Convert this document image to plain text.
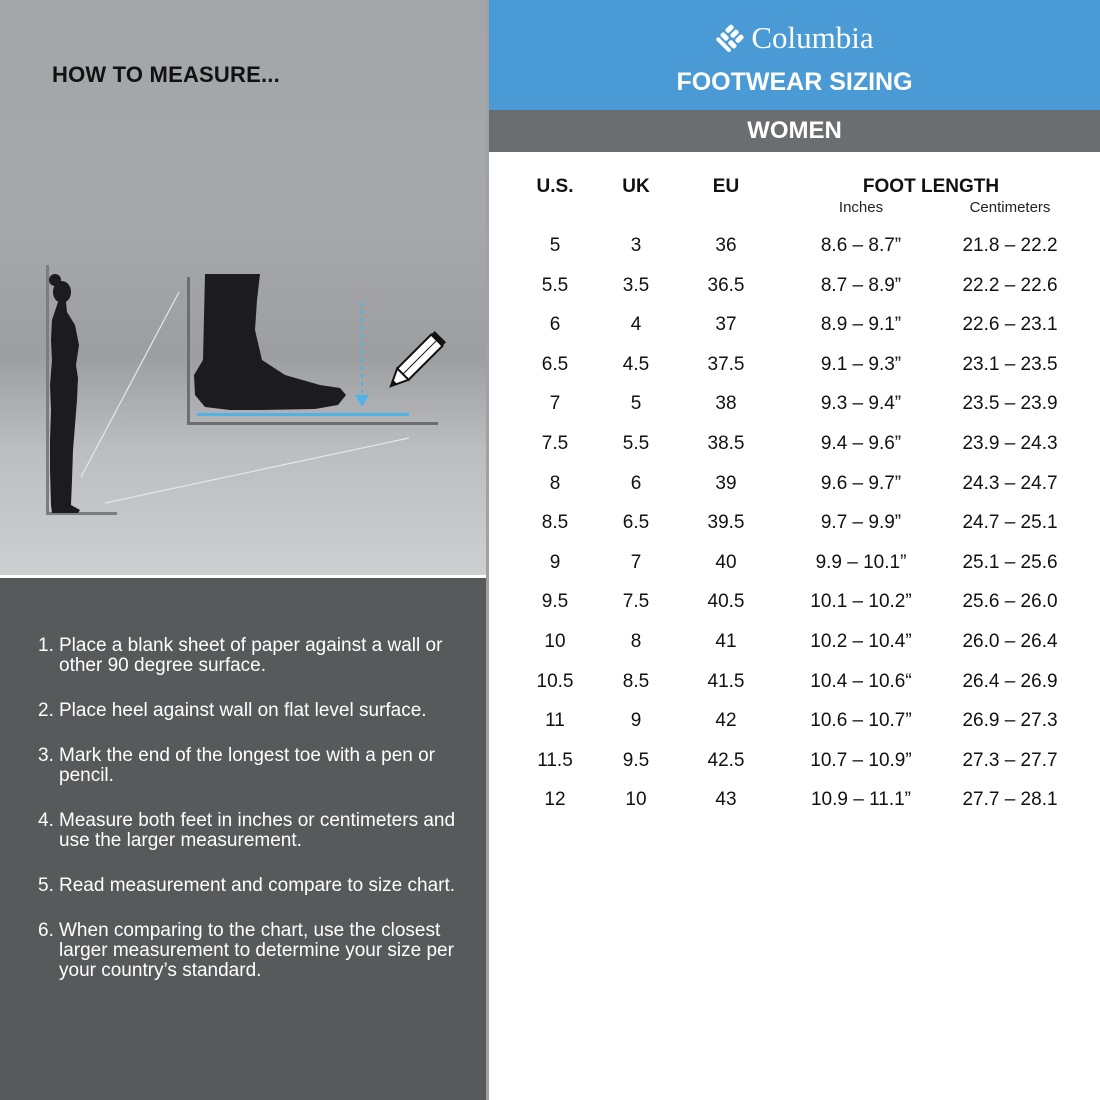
HOW TO MEASURE...
1. Place a blank sheet of paper against a wall or other 90 degree surface.
2. Place heel against wall on flat level surface.
3. Mark the end of the longest toe with a pen or pencil.
4. Measure both feet in inches or centimeters and use the larger measurement.
5. Read measurement and compare to size chart.
6. When comparing to the chart, use the closest larger measurement to determine your size per your country’s standard.
Columbia
FOOTWEAR SIZING
WOMEN
U.S.	UK	EU	FOOT LENGTH
Inches	Centimeters
5	3	36	8.6 – 8.7”	21.8 – 22.2
5.5	3.5	36.5	8.7 – 8.9”	22.2 – 22.6
6	4	37	8.9 – 9.1”	22.6 – 23.1
6.5	4.5	37.5	9.1 – 9.3”	23.1 – 23.5
7	5	38	9.3 – 9.4”	23.5 – 23.9
7.5	5.5	38.5	9.4 – 9.6”	23.9 – 24.3
8	6	39	9.6 – 9.7”	24.3 – 24.7
8.5	6.5	39.5	9.7 – 9.9”	24.7 – 25.1
9	7	40	9.9 – 10.1”	25.1 – 25.6
9.5	7.5	40.5	10.1 – 10.2”	25.6 – 26.0
10	8	41	10.2 – 10.4”	26.0 – 26.4
10.5	8.5	41.5	10.4 – 10.6“	26.4 – 26.9
11	9	42	10.6 – 10.7”	26.9 – 27.3
11.5	9.5	42.5	10.7 – 10.9”	27.3 – 27.7
12	10	43	10.9 – 11.1”	27.7 – 28.1
